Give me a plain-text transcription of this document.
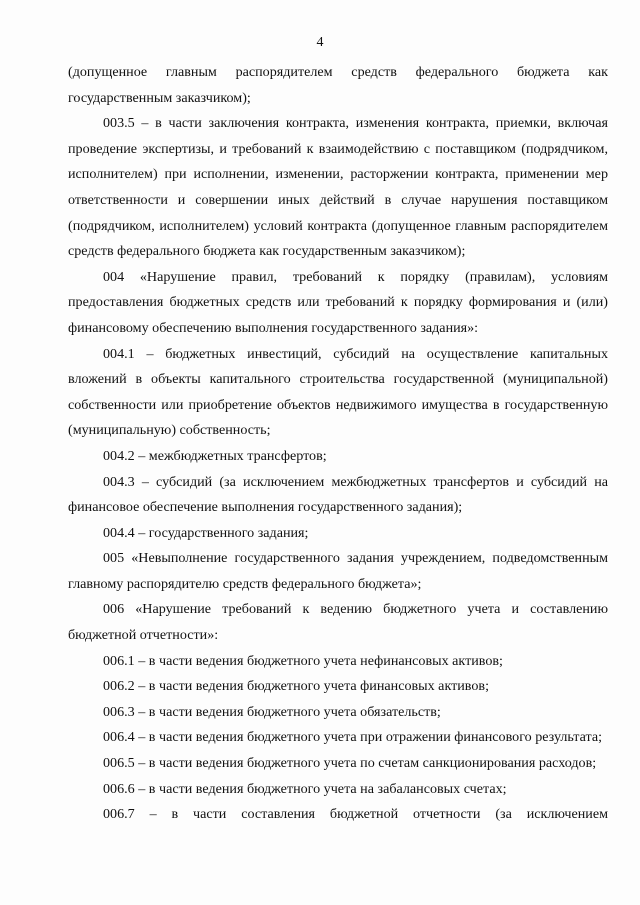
4

(допущенное главным распорядителем средств федерального бюджета как государственным заказчиком);

003.5 – в части заключения контракта, изменения контракта, приемки, включая проведение экспертизы, и требований к взаимодействию с поставщиком (подрядчиком, исполнителем) при исполнении, изменении, расторжении контракта, применении мер ответственности и совершении иных действий в случае нарушения поставщиком (подрядчиком, исполнителем) условий контракта (допущенное главным распорядителем средств федерального бюджета как государственным заказчиком);

004 «Нарушение правил, требований к порядку (правилам), условиям предоставления бюджетных средств или требований к порядку формирования и (или) финансовому обеспечению выполнения государственного задания»:

004.1 – бюджетных инвестиций, субсидий на осуществление капитальных вложений в объекты капитального строительства государственной (муниципальной) собственности или приобретение объектов недвижимого имущества в государственную (муниципальную) собственность;

004.2 – межбюджетных трансфертов;

004.3 – субсидий (за исключением межбюджетных трансфертов и субсидий на финансовое обеспечение выполнения государственного задания);

004.4 – государственного задания;

005 «Невыполнение государственного задания учреждением, подведомственным главному распорядителю средств федерального бюджета»;

006 «Нарушение требований к ведению бюджетного учета и составлению бюджетной отчетности»:

006.1 – в части ведения бюджетного учета нефинансовых активов;

006.2 – в части ведения бюджетного учета финансовых активов;

006.3 – в части ведения бюджетного учета обязательств;

006.4 – в части ведения бюджетного учета при отражении финансового результата;

006.5 – в части ведения бюджетного учета по счетам санкционирования расходов;

006.6 – в части ведения бюджетного учета на забалансовых счетах;

006.7 – в части составления бюджетной отчетности (за исключением
